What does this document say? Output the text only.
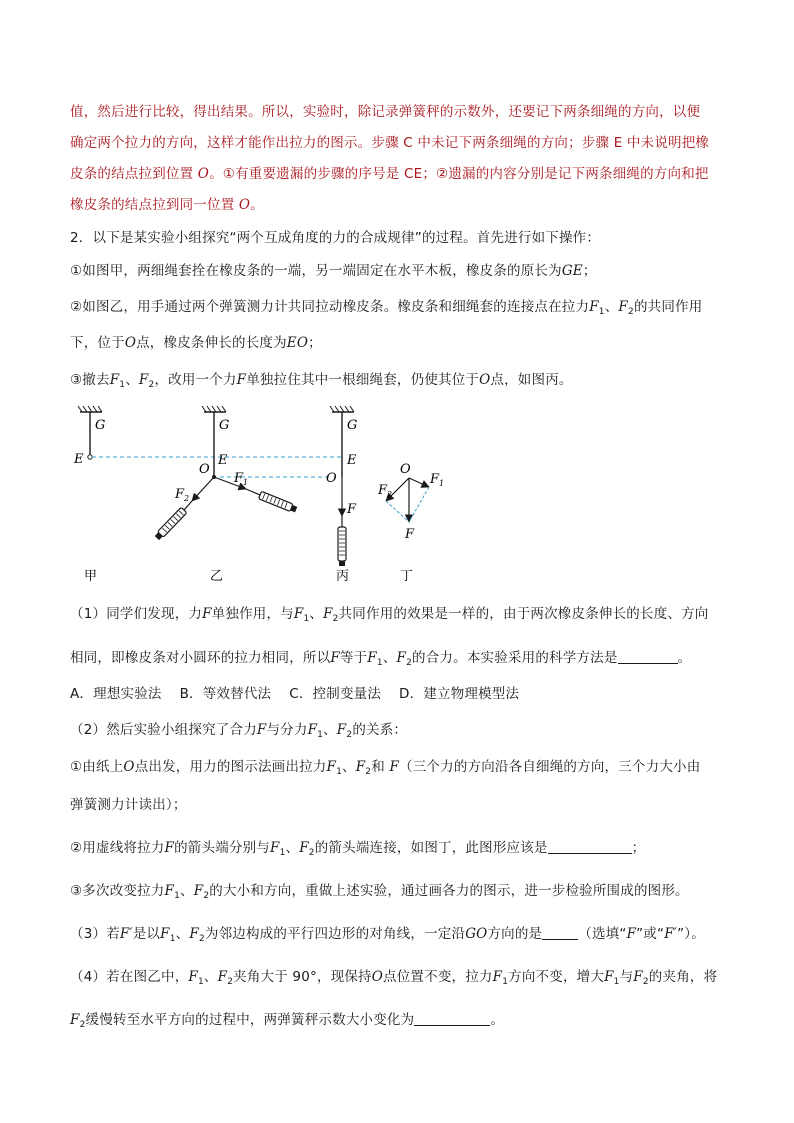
值，然后进行比较，得出结果。所以，实验时，除记录弹簧秤的示数外，还要记下两条细绳的方向，以便
确定两个拉力的方向，这样才能作出拉力的图示。步骤 C 中未记下两条细绳的方向；步骤 E 中未说明把橡
皮条的结点拉到位置 O。①有重要遗漏的步骤的序号是 CE；②遗漏的内容分别是记下两条细绳的方向和把
橡皮条的结点拉到同一位置 O。
2．以下是某实验小组探究“两个互成角度的力的合成规律”的过程。首先进行如下操作：
①如图甲，两细绳套拴在橡皮条的一端，另一端固定在水平木板，橡皮条的原长为GE；
②如图乙，用手通过两个弹簧测力计共同拉动橡皮条。橡皮条和细绳套的连接点在拉力$F_1$、$F_2$的共同作用
下，位于O点，橡皮条伸长的长度为EO；
③撤去$F_1$、$F_2$，改用一个力F单独拉住其中一根细绳套，仍使其位于O点，如图丙。
G
E
G
E
O
$F_1$
$F_2$
G
E
O
F
O
$F_1$
$F_2$
F
甲	乙	丙	丁
（1）同学们发现，力F单独作用，与$F_1$、$F_2$共同作用的效果是一样的，由于两次橡皮条伸长的长度、方向
相同，即橡皮条对小圆环的拉力相同，所以F等于$F_1$、$F_2$的合力。本实验采用的科学方法是	。
A．理想实验法    B．等效替代法    C．控制变量法    D．建立物理模型法
（2）然后实验小组探究了合力F与分力$F_1$、$F_2$的关系：
①由纸上O点出发，用力的图示法画出拉力$F_1$、$F_2$和 F（三个力的方向沿各自细绳的方向，三个力大小由
弹簧测力计读出）；
②用虚线将拉力F的箭头端分别与$F_1$、$F_2$的箭头端连接，如图丁，此图形应该是	；
③多次改变拉力$F_1$、$F_2$的大小和方向，重做上述实验，通过画各力的图示，进一步检验所围成的图形。
（3）若F′是以$F_1$、$F_2$为邻边构成的平行四边形的对角线，一定沿GO方向的是	（选填“F”或“F′”）。
（4）若在图乙中，$F_1$、$F_2$夹角大于 90°，现保持O点位置不变，拉力$F_1$方向不变，增大$F_1$与$F_2$的夹角，将
$F_2$缓慢转至水平方向的过程中，两弹簧秤示数大小变化为	。
